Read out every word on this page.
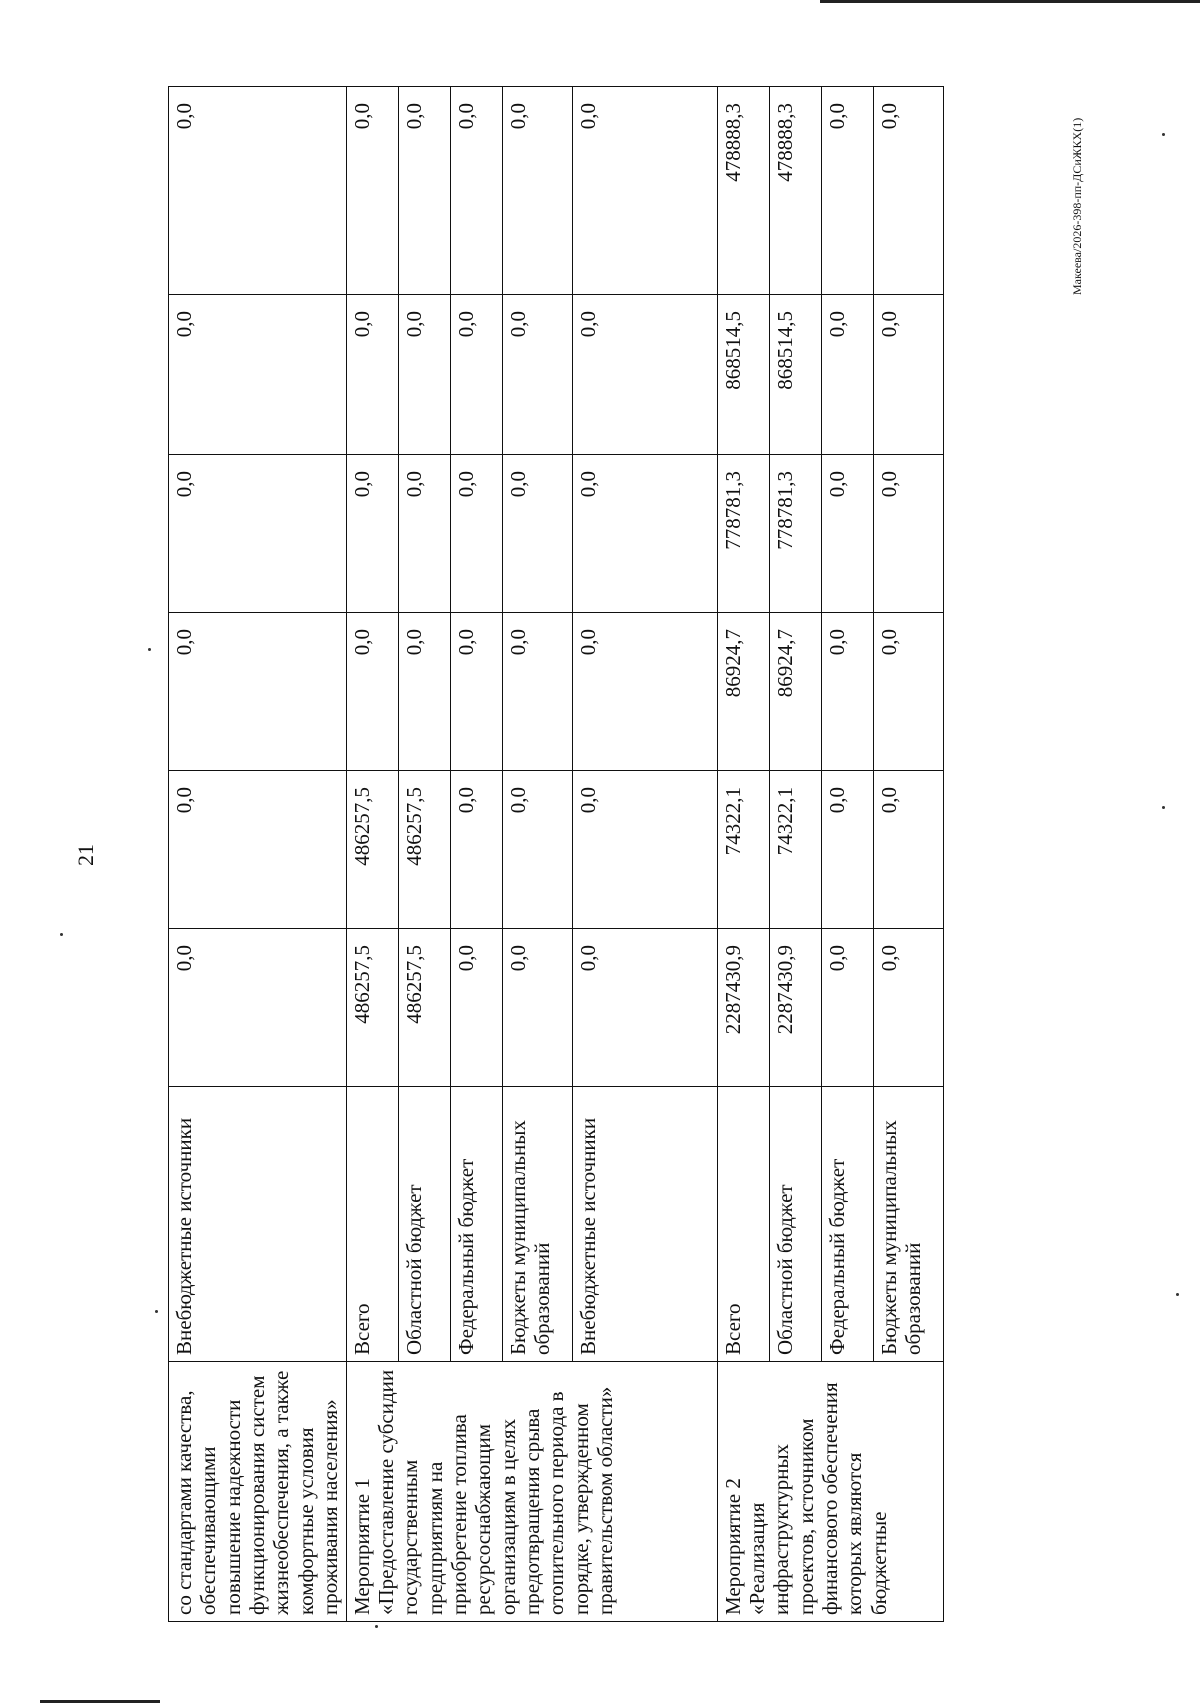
21
Макеева/2026-398-пп-ДСиЖКХ(1)
со стандартами качества, обеспечивающими повышение надежности функционирования систем жизнеобеспечения, а также комфортные условия проживания населения»	Внебюджетные источники	0,0	0,0	0,0	0,0	0,0	0,0
Мероприятие 1 «Предоставление субсидии государственным предприятиям на приобретение топлива ресурсоснабжающим организациям в целях предотвращения срыва отопительного периода в порядке, утвержденном правительством области»	Всего	486257,5	486257,5	0,0	0,0	0,0	0,0
	Областной бюджет	486257,5	486257,5	0,0	0,0	0,0	0,0
	Федеральный бюджет	0,0	0,0	0,0	0,0	0,0	0,0
	Бюджеты муниципальных образований	0,0	0,0	0,0	0,0	0,0	0,0
	Внебюджетные источники	0,0	0,0	0,0	0,0	0,0	0,0
Мероприятие 2 «Реализация инфраструктурных проектов, источником финансового обеспечения которых являются бюджетные	Всего	2287430,9	74322,1	86924,7	778781,3	868514,5	478888,3
	Областной бюджет	2287430,9	74322,1	86924,7	778781,3	868514,5	478888,3
	Федеральный бюджет	0,0	0,0	0,0	0,0	0,0	0,0
	Бюджеты муниципальных образований	0,0	0,0	0,0	0,0	0,0	0,0
